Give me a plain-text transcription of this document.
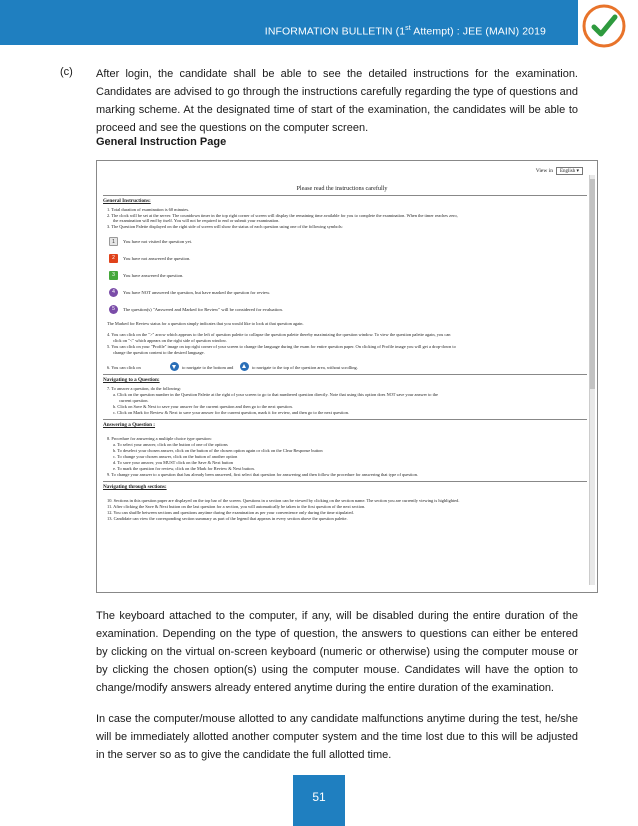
INFORMATION BULLETIN (1st Attempt) : JEE (MAIN) 2019
(c) After login, the candidate shall be able to see the detailed instructions for the examination. Candidates are advised to go through the instructions carefully regarding the type of questions and marking scheme. At the designated time of start of the examination, the candidates will be able to proceed and see the questions on the computer screen.
General Instruction Page
View in English ▾
Please read the instructions carefully
General Instructions:
1. Total duration of examination is 60 minutes.
2. The clock will be set at the server. The countdown timer in the top right corner of screen will display the remaining time available for you to complete the examination. When the timer reaches zero,
the examination will end by itself. You will not be required to end or submit your examination.
3. The Question Palette displayed on the right side of screen will show the status of each question using one of the following symbols:
1	You have not visited the question yet.
2	You have not answered the question.
3	You have answered the question.
4	You have NOT answered the question, but have marked the question for review.
5	The question(s) "Answered and Marked for Review" will be considered for evaluation.
The Marked for Review status for a question simply indicates that you would like to look at that question again.
4. You can click on the ">" arrow which appears to the left of question palette to collapse the question palette thereby maximizing the question window. To view the question palette again, you can
click on "<" which appears on the right side of question window.
5. You can click on your "Profile" image on top right corner of your screen to change the language during the exam for entire question paper. On clicking of Profile image you will get a drop-down to
change the question content to the desired language.
6. You can click on	to navigate to the bottom and	to navigate to the top of the question area, without scrolling.
Navigating to a Question:
7. To answer a question, do the following:
a. Click on the question number in the Question Palette at the right of your screen to go to that numbered question directly. Note that using this option does NOT save your answer to the
current question.
b. Click on Save & Next to save your answer for the current question and then go to the next question.
c. Click on Mark for Review & Next to save your answer for the current question, mark it for review, and then go to the next question.
Answering a Question :
8. Procedure for answering a multiple choice type question:
a. To select your answer, click on the button of one of the options
b. To deselect your chosen answer, click on the button of the chosen option again or click on the Clear Response button
c. To change your chosen answer, click on the button of another option
d. To save your answer, you MUST click on the Save & Next button
e. To mark the question for review, click on the Mark for Review & Next button.
9. To change your answer to a question that has already been answered, first select that question for answering and then follow the procedure for answering that type of question.
Navigating through sections:
10. Sections in this question paper are displayed on the top bar of the screen. Questions in a section can be viewed by clicking on the section name. The section you are currently viewing is highlighted.
11. After clicking the Save & Next button on the last question for a section, you will automatically be taken to the first question of the next section.
12. You can shuffle between sections and questions anytime during the examination as per your convenience only during the time stipulated.
13. Candidate can view the corresponding section summary as part of the legend that appears in every section above the question palette.
The keyboard attached to the computer, if any, will be disabled during the entire duration of the examination. Depending on the type of question, the answers to questions can either be entered by clicking on the virtual on-screen keyboard (numeric or otherwise) using the computer mouse or by clicking the chosen option(s) using the computer mouse. Candidates will have the option to change/modify answers already entered anytime during the entire duration of the examination.
In case the computer/mouse allotted to any candidate malfunctions anytime during the test, he/she will be immediately allotted another computer system and the time lost due to this will be adjusted in the server so as to give the candidate the full allotted time.
51
